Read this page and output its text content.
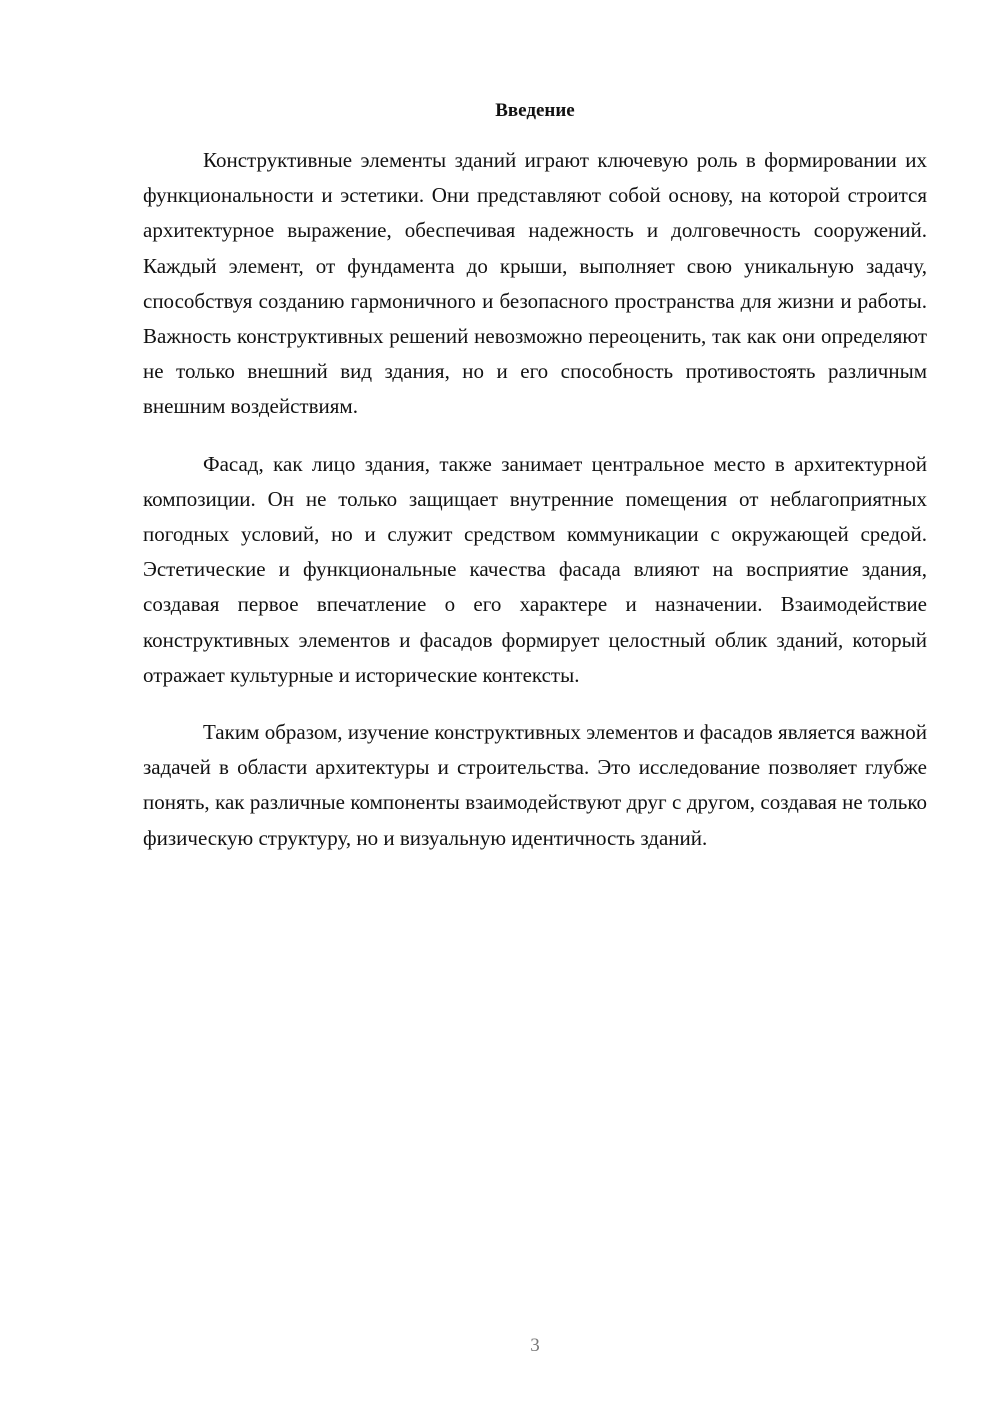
Введение

Конструктивные элементы зданий играют ключевую роль в формировании их функциональности и эстетики. Они представляют собой основу, на которой строится архитектурное выражение, обеспечивая надежность и долговечность сооружений. Каждый элемент, от фундамента до крыши, выполняет свою уникальную задачу, способствуя созданию гармоничного и безопасного пространства для жизни и работы. Важность конструктивных решений невозможно переоценить, так как они определяют не только внешний вид здания, но и его способность противостоять различным внешним воздействиям.

Фасад, как лицо здания, также занимает центральное место в архитектурной композиции. Он не только защищает внутренние помещения от неблагоприятных погодных условий, но и служит средством коммуникации с окружающей средой. Эстетические и функциональные качества фасада влияют на восприятие здания, создавая первое впечатление о его характере и назначении. Взаимодействие конструктивных элементов и фасадов формирует целостный облик зданий, который отражает культурные и исторические контексты.

Таким образом, изучение конструктивных элементов и фасадов является важной задачей в области архитектуры и строительства. Это исследование позволяет глубже понять, как различные компоненты взаимодействуют друг с другом, создавая не только физическую структуру, но и визуальную идентичность зданий.

3
